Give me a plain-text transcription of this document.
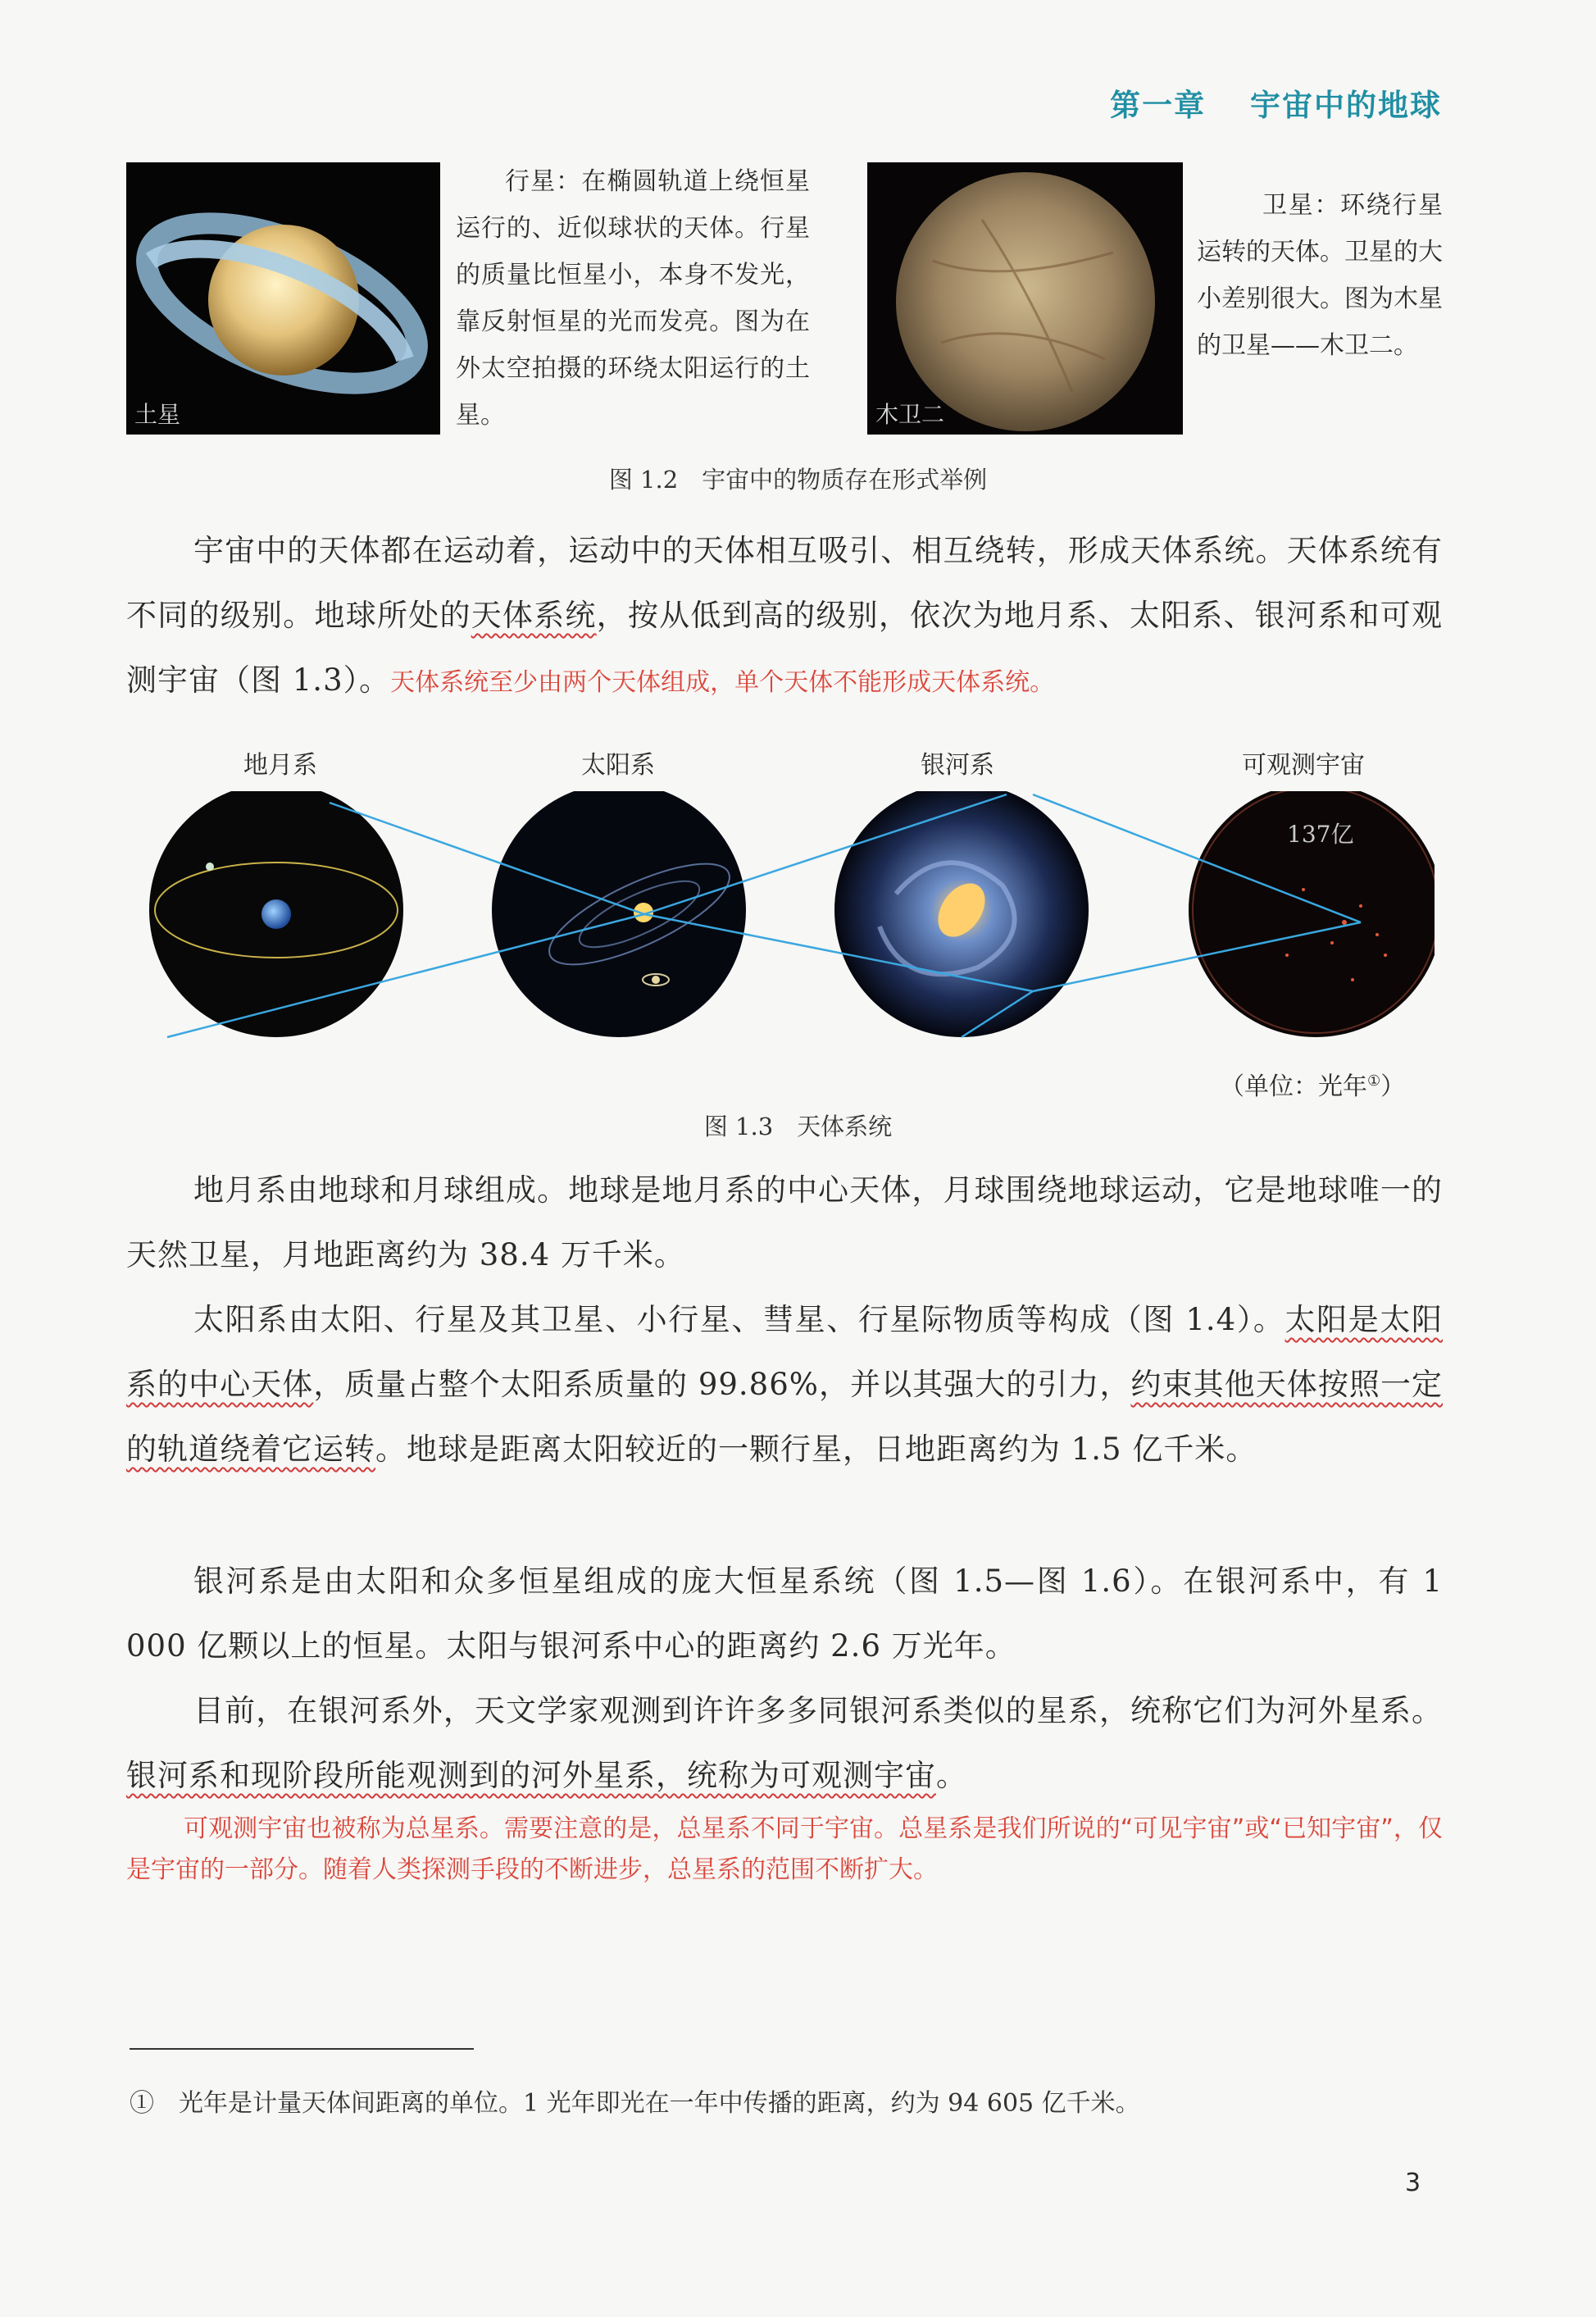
第一章　 宇宙中的地球
土星
行星：在椭圆轨道上绕恒星运行的、近似球状的天体。行星的质量比恒星小，本身不发光，靠反射恒星的光而发亮。图为在外太空拍摄的环绕太阳运行的土星。	木卫二
卫星：环绕行星运转的天体。卫星的大小差别很大。图为木星的卫星——木卫二。
图 1.2　宇宙中的物质存在形式举例

宇宙中的天体都在运动着，运动中的天体相互吸引、相互绕转，形成天体系统。天体系统有不同的级别。地球所处的天体系统，按从低到高的级别，依次为地月系、太阳系、银河系和可观测宇宙（图 1.3）。天体系统至少由两个天体组成，单个天体不能形成天体系统。

地月系	太阳系	银河系	可观测宇宙
137亿
（单位：光年①）
图 1.3　天体系统

地月系由地球和月球组成。地球是地月系的中心天体，月球围绕地球运动，它是地球唯一的天然卫星，月地距离约为 38.4 万千米。

太阳系由太阳、行星及其卫星、小行星、彗星、行星际物质等构成（图 1.4）。太阳是太阳系的中心天体，质量占整个太阳系质量的 99.86%，并以其强大的引力，约束其他天体按照一定的轨道绕着它运转。地球是距离太阳较近的一颗行星，日地距离约为 1.5 亿千米。

银河系是由太阳和众多恒星组成的庞大恒星系统（图 1.5—图 1.6）。在银河系中，有 1 000 亿颗以上的恒星。太阳与银河系中心的距离约 2.6 万光年。

目前，在银河系外，天文学家观测到许许多多同银河系类似的星系，统称它们为河外星系。银河系和现阶段所能观测到的河外星系，统称为可观测宇宙。

可观测宇宙也被称为总星系。需要注意的是，总星系不同于宇宙。总星系是我们所说的“可见宇宙”或“已知宇宙”，仅是宇宙的一部分。随着人类探测手段的不断进步，总星系的范围不断扩大。
①　 光年是计量天体间距离的单位。1 光年即光在一年中传播的距离，约为 94 605 亿千米。
3
